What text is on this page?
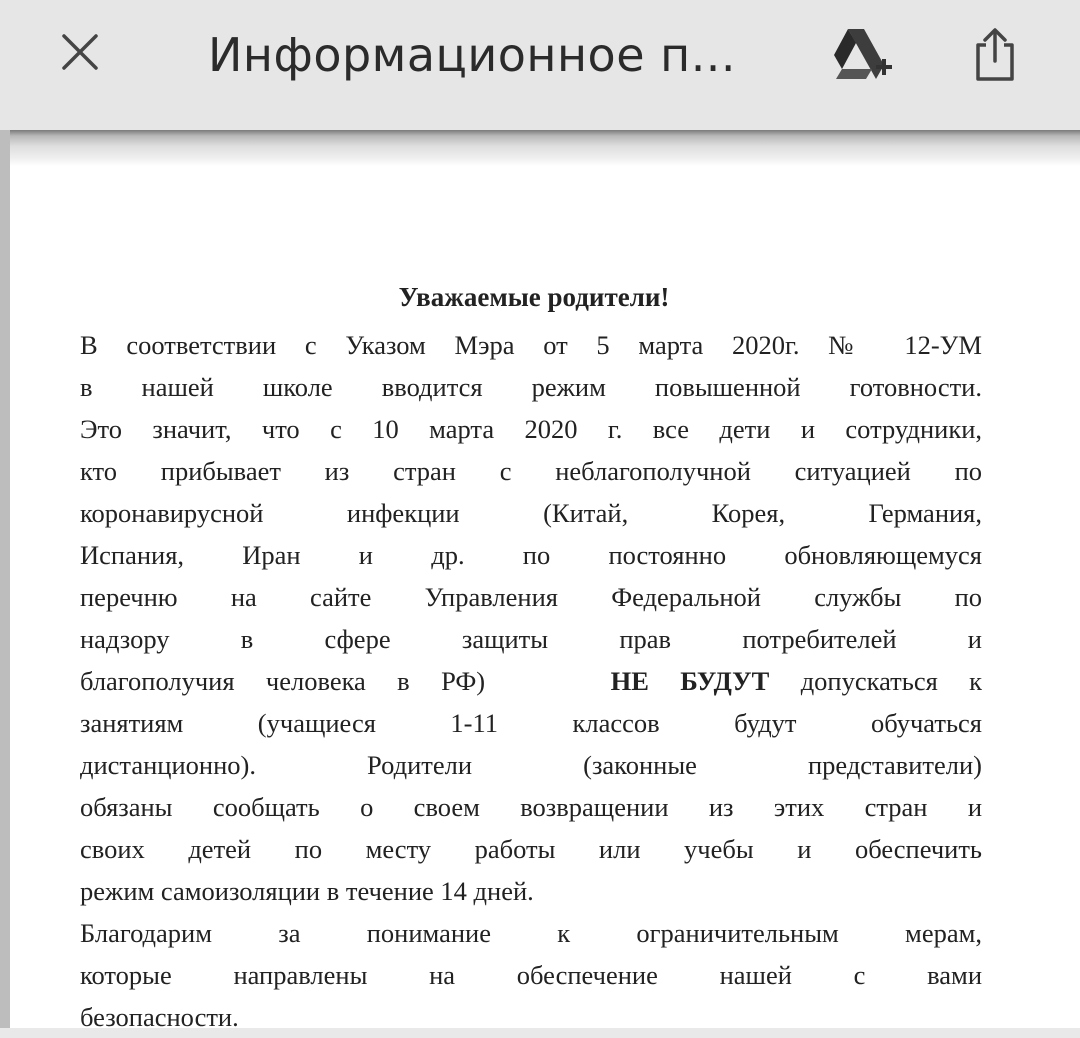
Информационное п...
Уважаемые родители!
В соответствии с Указом Мэра от 5 марта 2020г. № 12-УМ
в нашей школе вводится режим повышенной готовности.
Это значит, что с 10 марта 2020 г. все дети и сотрудники,
кто прибывает из стран с неблагополучной ситуацией по
коронавирусной инфекции (Китай, Корея, Германия,
Испания, Иран и др. по постоянно обновляющемуся
перечню на сайте Управления Федеральной службы по
надзору в сфере защиты прав потребителей и
благополучия человека в РФ)	НЕ БУДУТ допускаться к
занятиям (учащиеся 1-11 классов будут обучаться
дистанционно). Родители (законные представители)
обязаны сообщать о своем возвращении из этих стран и
своих детей по месту работы или учебы и обеспечить
режим самоизоляции в течение 14 дней.
Благодарим за понимание к ограничительным мерам,
которые направлены на обеспечение нашей с вами
безопасности.
